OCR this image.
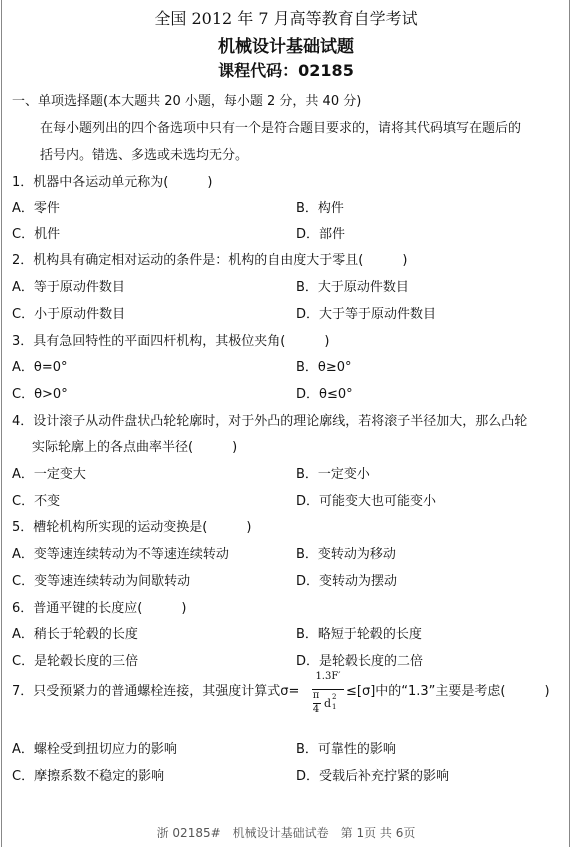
全国 2012 年 7 月高等教育自学考试
机械设计基础试题
课程代码：02185
一、单项选择题(本大题共 20 小题，每小题 2 分，共 40 分)
在每小题列出的四个备选项中只有一个是符合题目要求的，请将其代码填写在题后的
括号内。错选、多选或未选均无分。
1．机器中各运动单元称为(　　　)
A．零件	B．构件
C．机件	D．部件
2．机构具有确定相对运动的条件是：机构的自由度大于零且(　　　)
A．等于原动件数目	B．大于原动件数目
C．小于原动件数目	D．大于等于原动件数目
3．具有急回特性的平面四杆机构，其极位夹角(　　　)
A．θ=0°	B．θ≥0°
C．θ>0°	D．θ≤0°
4．设计滚子从动件盘状凸轮轮廓时，对于外凸的理论廓线，若将滚子半径加大，那么凸轮
实际轮廓上的各点曲率半径(　　　)
A．一定变大	B．一定变小
C．不变	D．可能变大也可能变小
5．槽轮机构所实现的运动变换是(　　　)
A．变等速连续转动为不等速连续转动	B．变转动为移动
C．变等速连续转动为间歇转动	D．变转动为摆动
6．普通平键的长度应(　　　)
A．稍长于轮毂的长度	B．略短于轮毂的长度
C．是轮毂长度的三倍	D．是轮毂长度的二倍
7．只受预紧力的普通螺栓连接，其强度计算式σ=
1.3F′
π
4 d 2
1
≤[σ]中的“1.3”主要是考虑(　　　)
A．螺栓受到扭切应力的影响	B．可靠性的影响
C．摩擦系数不稳定的影响	D．受载后补充拧紧的影响
浙 02185#　机械设计基础试卷　第 1页 共 6页
